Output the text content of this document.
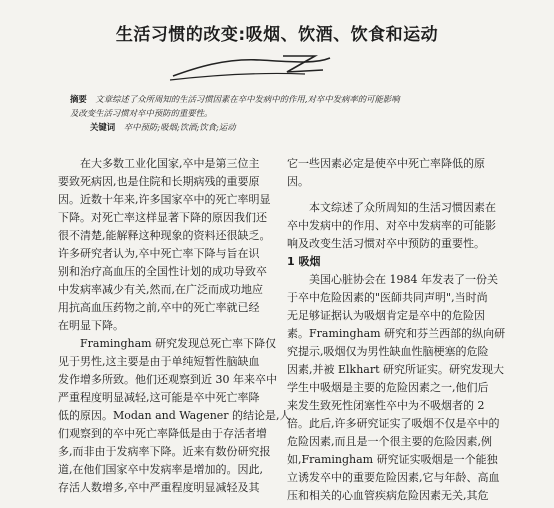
生活习惯的改变:吸烟、饮酒、饮食和运动
摘要 文章综述了众所周知的生活习惯因素在卒中发病中的作用,对卒中发病率的可能影响
及改变生活习惯对卒中预防的重要性。
关键词 卒中预防;吸烟;饮酒;饮食;运动
在大多数工业化国家,卒中是第三位主
要致死病因,也是住院和长期病残的重要原
因。近数十年来,许多国家卒中的死亡率明显
下降。对死亡率这样显著下降的原因我们还
很不清楚,能解释这种现象的资料还很缺乏。
许多研究者认为,卒中死亡率下降与旨在识
别和治疗高血压的全国性计划的成功导致卒
中发病率减少有关,然而,在广泛而成功地应
用抗高血压药物之前,卒中的死亡率就已经
在明显下降。
Framingham 研究发现总死亡率下降仅
见于男性,这主要是由于单纯短暂性脑缺血
发作增多所致。他们还观察到近 30 年来卒中
严重程度明显减轻,这可能是卒中死亡率降
低的原因。Modan and Wagener 的结论是,人
们观察到的卒中死亡率降低是由于存活者增
多,而非由于发病率下降。近来有数份研究报
道,在他们国家卒中发病率是增加的。因此,
存活人数增多,卒中严重程度明显减轻及其
它一些因素必定是使卒中死亡率降低的原
因。
本文综述了众所周知的生活习惯因素在
卒中发病中的作用、对卒中发病率的可能影
响及改变生活习惯对卒中预防的重要性。
1 吸烟
美国心脏协会在 1984 年发表了一份关
于卒中危险因素的"医師共同声明",当时尚
无足够证据认为吸烟肯定是卒中的危险因
素。Framingham 研究和芬兰西部的纵向研
究提示,吸烟仅为男性缺血性脑梗塞的危险
因素,并被 Elkhart 研究所证实。研究发现大
学生中吸烟是主要的危险因素之一,他们后
来发生致死性闭塞性卒中为不吸烟者的 2
倍。此后,许多研究证实了吸烟不仅是卒中的
危险因素,而且是一个很主要的危险因素,例
如,Framingham 研究证实吸烟是一个能独
立诱发卒中的重要危险因素,它与年龄、高血
压和相关的心血管疾病危险因素无关,其危
